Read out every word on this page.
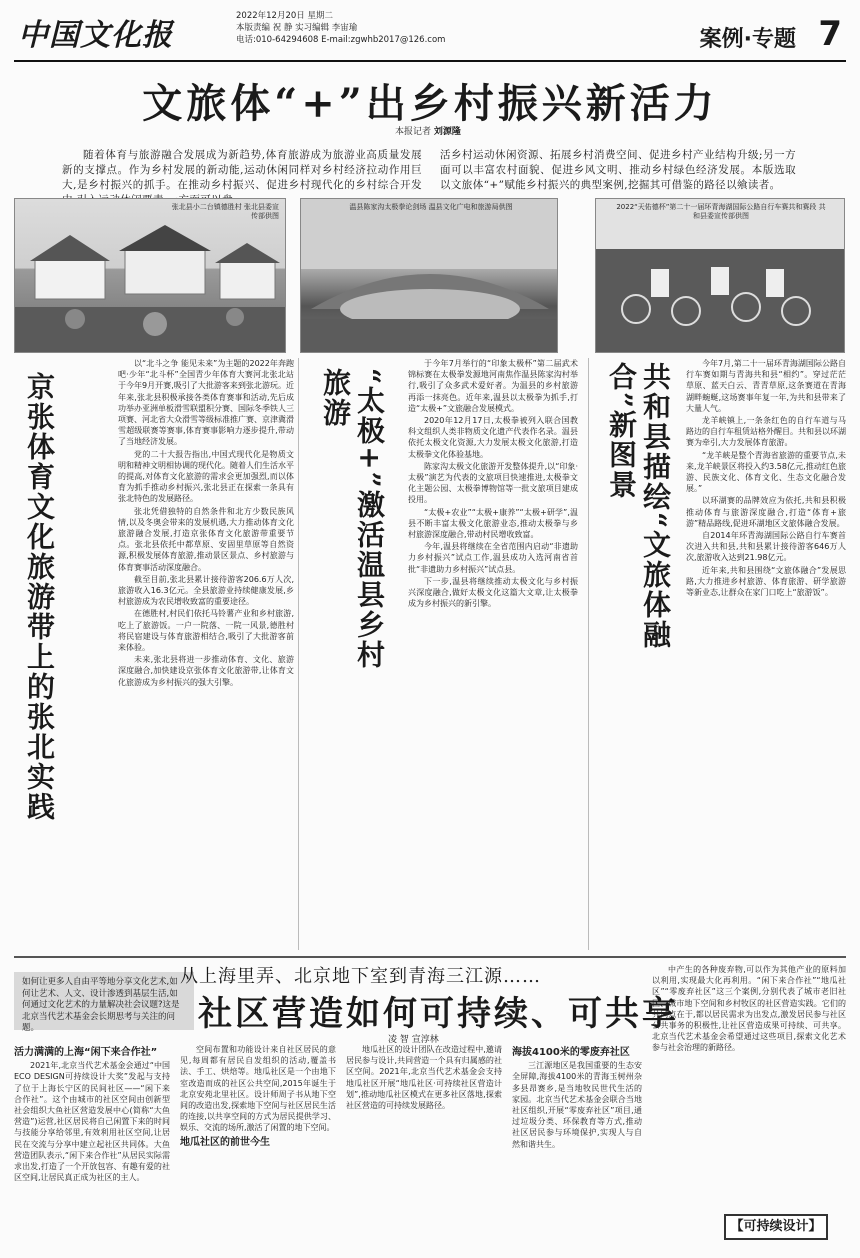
中国文化报
2022年12月20日 星期二
本版责编 祝 静 实习编辑 李宙瑜
电话:010-64294608 E-mail:zgwhb2017@126.com	案例·专题 7
文旅体“+”出乡村振兴新活力
本报记者 刘源隆
随着体育与旅游融合发展成为新趋势,体育旅游成为旅游业高质量发展新的支撑点。作为乡村发展的新动能,运动休闲同样对乡村经济拉动作用巨大,是乡村振兴的抓手。在推动乡村振兴、促进乡村现代化的乡村综合开发
活乡村运动休闲资源、拓展乡村消费空间、促进乡村产业结构升级;另一方面可以丰富农村面貌、促进乡风文明、推动乡村绿色经济发展。本版选取以文旅体“+”赋能乡村振兴的典型案例,挖掘其可借鉴的路径以飨读者。
张北县小二台镇德胜村 张北县委宣传部供图
温县陈家沟太极拳论剑场 温县文化广电和旅游局供图	2022“天佑德杯”第二十一届环青海湖国际公路自行车赛共和赛段 共和县委宣传部供图
京张体育文化旅游带上的张北实践	“太极+”激活温县乡村旅游	共和县描绘“文旅体融合”新图景

以“北斗之争 能见未来”为主题的2022年奔跑吧·少年“北斗杯”全国青少年体育大赛河北张北站于今年9月开赛,吸引了大批游客来到张北游玩。近年来,张北县积极承接各类体育赛事和活动,先后成功举办亚洲单板滑雪联盟积分赛、国际冬季铁人三项赛、河北省大众滑雪等级标准推广赛、京津冀滑雪超级联赛等赛事,体育赛事影响力逐步提升,带动了当地经济发展。

党的二十大报告指出,中国式现代化是物质文明和精神文明相协调的现代化。随着人们生活水平的提高,对体育文化旅游的需求会更加强烈,而以体育为抓手推动乡村振兴,张北县正在探索一条具有张北特色的发展路径。

张北凭借独特的自然条件和北方少数民族风情,以及冬奥会带来的发展机遇,大力推动体育文化旅游融合发展,打造京张体育文化旅游带重要节点。张北县依托中都草原、安固里草原等自然资源,积极发展体育旅游,推动景区景点、乡村旅游与体育赛事活动深度融合。

截至目前,张北县累计接待游客206.6万人次,旅游收入16.3亿元。全县旅游业持续健康发展,乡村旅游成为农民增收致富的重要途径。

在德胜村,村民们依托马铃薯产业和乡村旅游,吃上了旅游饭。一户一院落、一院一风景,德胜村将民宿建设与体育旅游相结合,吸引了大批游客前来体验。

未来,张北县将进一步推动体育、文化、旅游深度融合,加快建设京张体育文化旅游带,让体育文化旅游成为乡村振兴的强大引擎。

于今年7月举行的“印象太极杯”第二届武术锦标赛在太极拳发源地河南焦作温县陈家沟村举行,吸引了众多武术爱好者。为温县的乡村旅游再添一抹亮色。近年来,温县以太极拳为抓手,打造“太极+”文旅融合发展模式。

2020年12月17日,太极拳被列入联合国教科文组织人类非物质文化遗产代表作名录。温县依托太极文化资源,大力发展太极文化旅游,打造太极拳文化体验基地。

陈家沟太极文化旅游开发整体提升,以“印象·太极”演艺为代表的文旅项目快速推进,太极拳文化主题公园、太极拳博物馆等一批文旅项目建成投用。

“太极+农业”“太极+康养”“太极+研学”,温县不断丰富太极文化旅游业态,推动太极拳与乡村旅游深度融合,带动村民增收致富。

今年,温县将继续在全省范围内启动“非遗助力乡村振兴”试点工作,温县成功入选河南省首批“非遗助力乡村振兴”试点县。

下一步,温县将继续推动太极文化与乡村振兴深度融合,做好太极文化这篇大文章,让太极拳成为乡村振兴的新引擎。

今年7月,第二十一届环青海湖国际公路自行车赛如期与青海共和县“相约”。穿过茫茫草原、蓝天白云、青青草原,这条赛道在青海湖畔蜿蜒,这场赛事年复一年,为共和县带来了大量人气。

龙羊峡镇上,一条条红色的自行车道与马路边的自行车租赁站格外醒目。共和县以环湖赛为牵引,大力发展体育旅游。

“龙羊峡是整个青海省旅游的重要节点,未来,龙羊峡景区将投入约3.58亿元,推动红色旅游、民族文化、体育文化、生态文化融合发展。”

以环湖赛的品牌效应为依托,共和县积极推动体育与旅游深度融合,打造“体育+旅游”精品路线,促进环湖地区文旅体融合发展。

自2014年环青海湖国际公路自行车赛首次进入共和县,共和县累计接待游客646万人次,旅游收入达到21.98亿元。

近年来,共和县围绕“文旅体融合”发展思路,大力推进乡村旅游、体育旅游、研学旅游等新业态,让群众在家门口吃上“旅游饭”。

如何让更多人自由平等地分享文化艺术,如何让艺术、人文、设计渗透到基层生活,如何通过文化艺术的力量解决社会议题?这是北京当代艺术基金会长期思考与关注的问题。
从上海里弄、北京地下室到青海三江源……
社区营造如何可持续、可共享
凌 智 宣淳林
活力满满的上海“闲下来合作社”

2021年,北京当代艺术基金会通过“中国ECO DESIGN可持续设计大奖”发起与支持了位于上海长宁区的民间社区——“闲下来合作社”。这个由城市的社区空间由创新型社会组织大鱼社区营造发展中心(简称“大鱼营造”)运营,社区居民将自己闲置下来的时间与技能分享给邻里,有效利用社区空间,让居民在交流与分享中建立起社区共同体。大鱼营造团队表示,“闲下来合作社”从居民实际需求出发,打造了一个开放包容、有趣有爱的社区空间,让居民真正成为社区的主人。

空间布置和功能设计来自社区居民的意见,每周都有居民自发组织的活动,覆盖书法、手工、烘焙等。地瓜社区是一个由地下室改造而成的社区公共空间,2015年诞生于北京安苑北里社区。设计师周子书从地下空间的改造出发,探索地下空间与社区居民生活的连接,以共享空间的方式为居民提供学习、娱乐、交流的场所,激活了闲置的地下空间。

地瓜社区的前世今生

地瓜社区的设计团队在改造过程中,邀请居民参与设计,共同营造一个具有归属感的社区空间。2021年,北京当代艺术基金会支持地瓜社区开展“地瓜社区·可持续社区营造计划”,推动地瓜社区模式在更多社区落地,探索社区营造的可持续发展路径。

海拔4100米的零废弃社区

三江源地区是我国重要的生态安全屏障,海拔4100米的青海玉树州杂多县昂赛乡,是当地牧民世代生活的家园。北京当代艺术基金会联合当地社区组织,开展“零废弃社区”项目,通过垃圾分类、环保教育等方式,推动社区居民参与环境保护,实现人与自然和谐共生。

中产生的各种废弃物,可以作为其他产业的原料加以利用,实现最大化再利用。“闲下来合作社”“地瓜社区”“零废弃社区”这三个案例,分别代表了城市老旧社区、城市地下空间和乡村牧区的社区营造实践。它们的共同点在于,都以居民需求为出发点,激发居民参与社区公共事务的积极性,让社区营造成果可持续、可共享。北京当代艺术基金会希望通过这些项目,探索文化艺术参与社会治理的新路径。

【可持续设计】
